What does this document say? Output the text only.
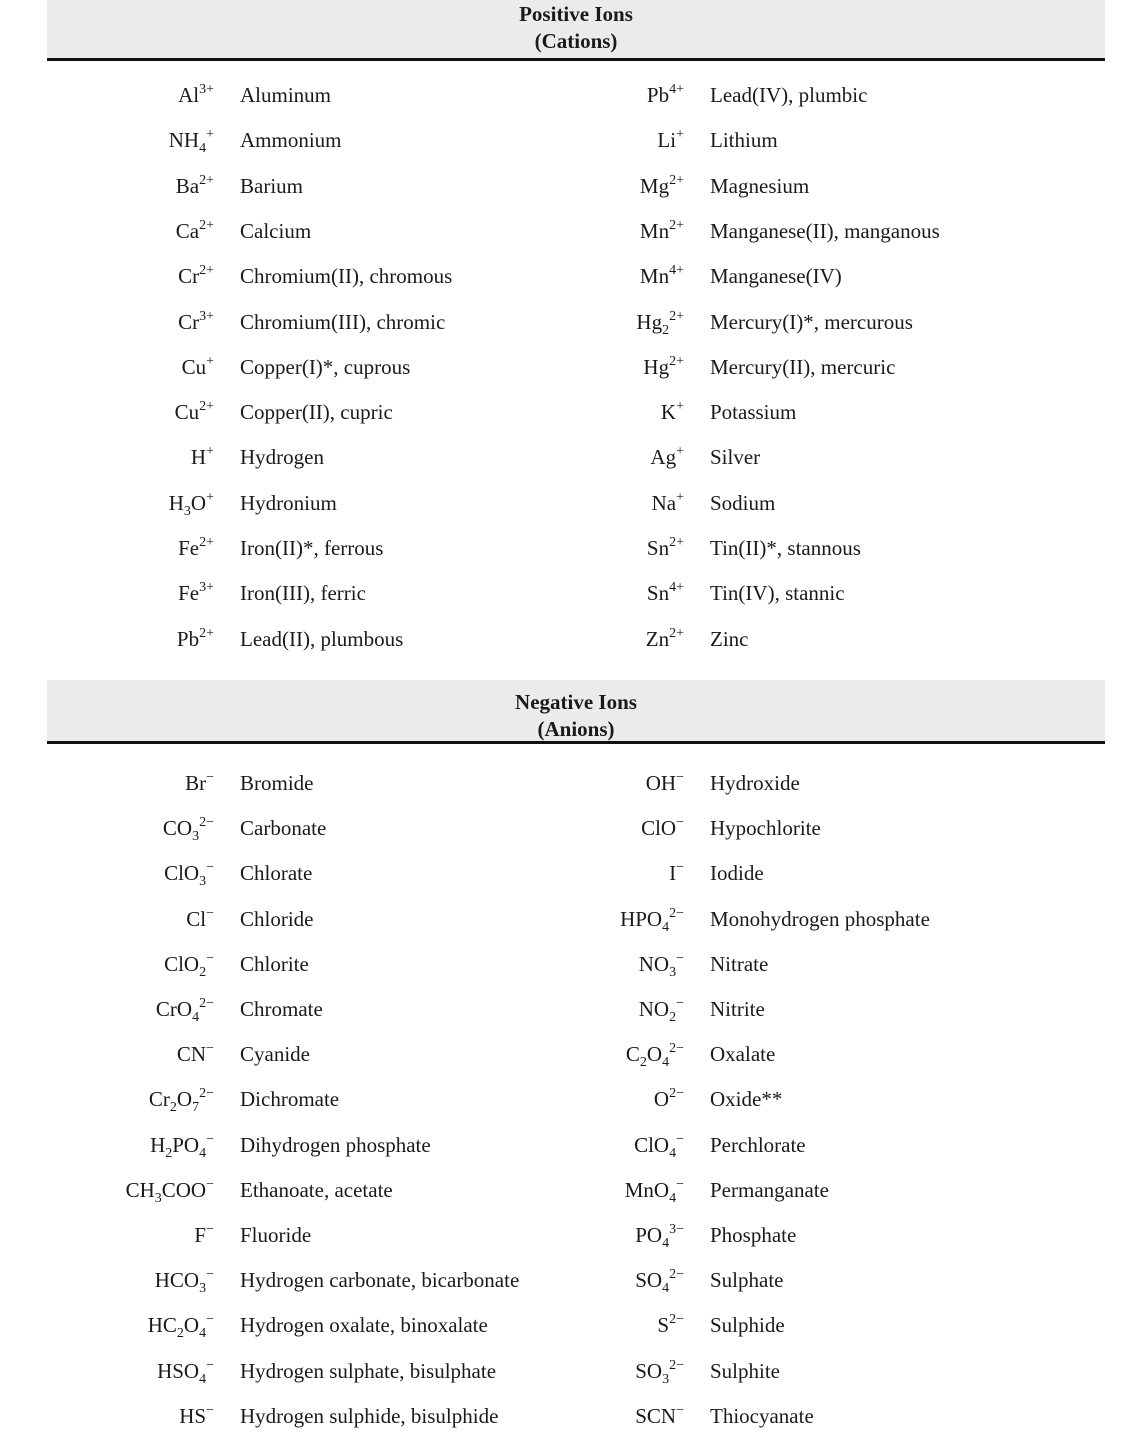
Positive Ions
(Cations)
$Al^{3+}$ Aluminum
$NH_4^+$ Ammonium
$Ba^{2+}$ Barium
$Ca^{2+}$ Calcium
$Cr^{2+}$ Chromium(II), chromous
$Cr^{3+}$ Chromium(III), chromic
Cu+ Copper(I)*, cuprous
$Cu^{2+}$ Copper(II), cupric
H+ Hydrogen
$H_3O^+$ Hydronium
$Fe^{2+}$ Iron(II)*, ferrous
$Fe^{3+}$ Iron(III), ferric
$Pb^{2+}$ Lead(II), plumbous
$Pb^{4+}$ Lead(IV), plumbic
Li+ Lithium
$Mg^{2+}$ Magnesium
$Mn^{2+}$ Manganese(II), manganous
$Mn^{4+}$ Manganese(IV)
$Hg_2^{2+}$ Mercury(I)*, mercurous
$Hg^{2+}$ Mercury(II), mercuric
K+ Potassium
Ag+ Silver
Na+ Sodium
$Sn^{2+}$ Tin(II)*, stannous
$Sn^{4+}$ Tin(IV), stannic
$Zn^{2+}$ Zinc
Negative Ions
(Anions)
Br− Bromide
$CO_3^{2-}$ Carbonate
ClO$_3$− Chlorate
Cl− Chloride
ClO$_2$− Chlorite
CrO$_4^{2-}$ Chromate
CN− Cyanide
$Cr_2O_7^{2-}$ Dichromate
$H_2PO_4^-$ Dihydrogen phosphate
$CH_3COO^-$ Ethanoate, acetate
F− Fluoride
$HCO_3^-$ Hydrogen carbonate, bicarbonate
$HC_2O_4^-$ Hydrogen oxalate, binoxalate
$HSO_4^-$ Hydrogen sulphate, bisulphate
HS− Hydrogen sulphide, bisulphide
OH− Hydroxide
ClO− Hypochlorite
I− Iodide
$HPO_4^{2-}$ Monohydrogen phosphate
$NO_3^-$ Nitrate
$NO_2^-$ Nitrite
$C_2O_4^{2-}$ Oxalate
$O^{2-}$ Oxide**
ClO$_4$− Perchlorate
MnO$_4$− Permanganate
$PO_4^{3-}$ Phosphate
$SO_4^{2-}$ Sulphate
$S^{2-}$ Sulphide
$SO_3^{2-}$ Sulphite
SCN− Thiocyanate
